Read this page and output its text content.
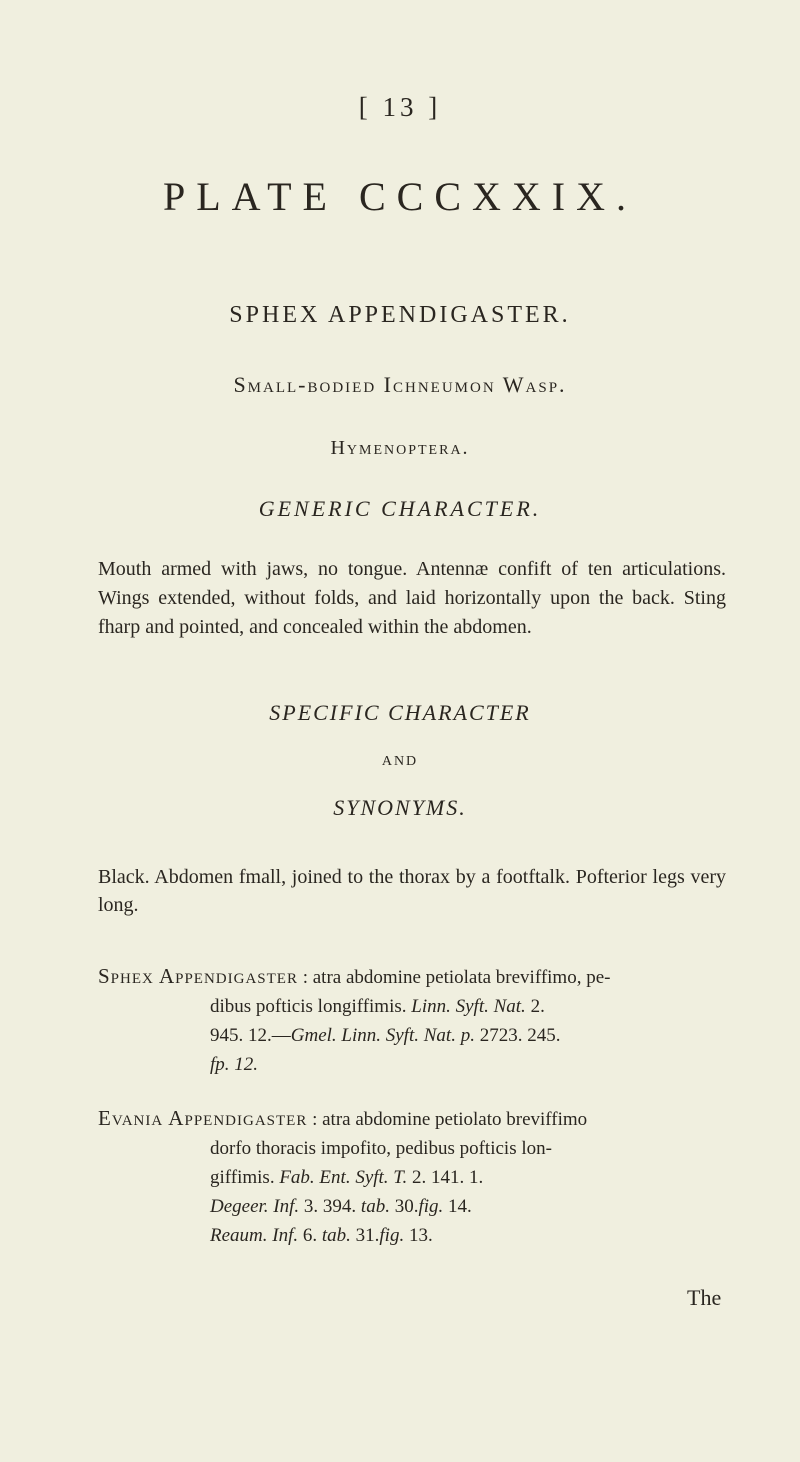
[ 13 ]
PLATE CCCXXIX.
SPHEX APPENDIGASTER.
Small-bodied Ichneumon Wasp.
Hymenoptera.
GENERIC CHARACTER.
Mouth armed with jaws, no tongue. Antennæ confift of ten articulations. Wings extended, without folds, and laid horizontally upon the back. Sting fharp and pointed, and concealed within the abdomen.
SPECIFIC CHARACTER
AND
SYNONYMS.
Black. Abdomen fmall, joined to the thorax by a footftalk. Pofterior legs very long.
Sphex Appendigaster : atra abdomine petiolata breviffimo, pe-
dibus pofticis longiffimis. Linn. Syft. Nat. 2.
945. 12.—Gmel. Linn. Syft. Nat. p. 2723. 245.
fp. 12.
Evania Appendigaster : atra abdomine petiolato breviffimo
dorfo thoracis impofito, pedibus pofticis lon-
giffimis. Fab. Ent. Syft. T. 2. 141. 1.
Degeer. Inf. 3. 394. tab. 30.fig. 14.
Reaum. Inf. 6. tab. 31.fig. 13.
The
